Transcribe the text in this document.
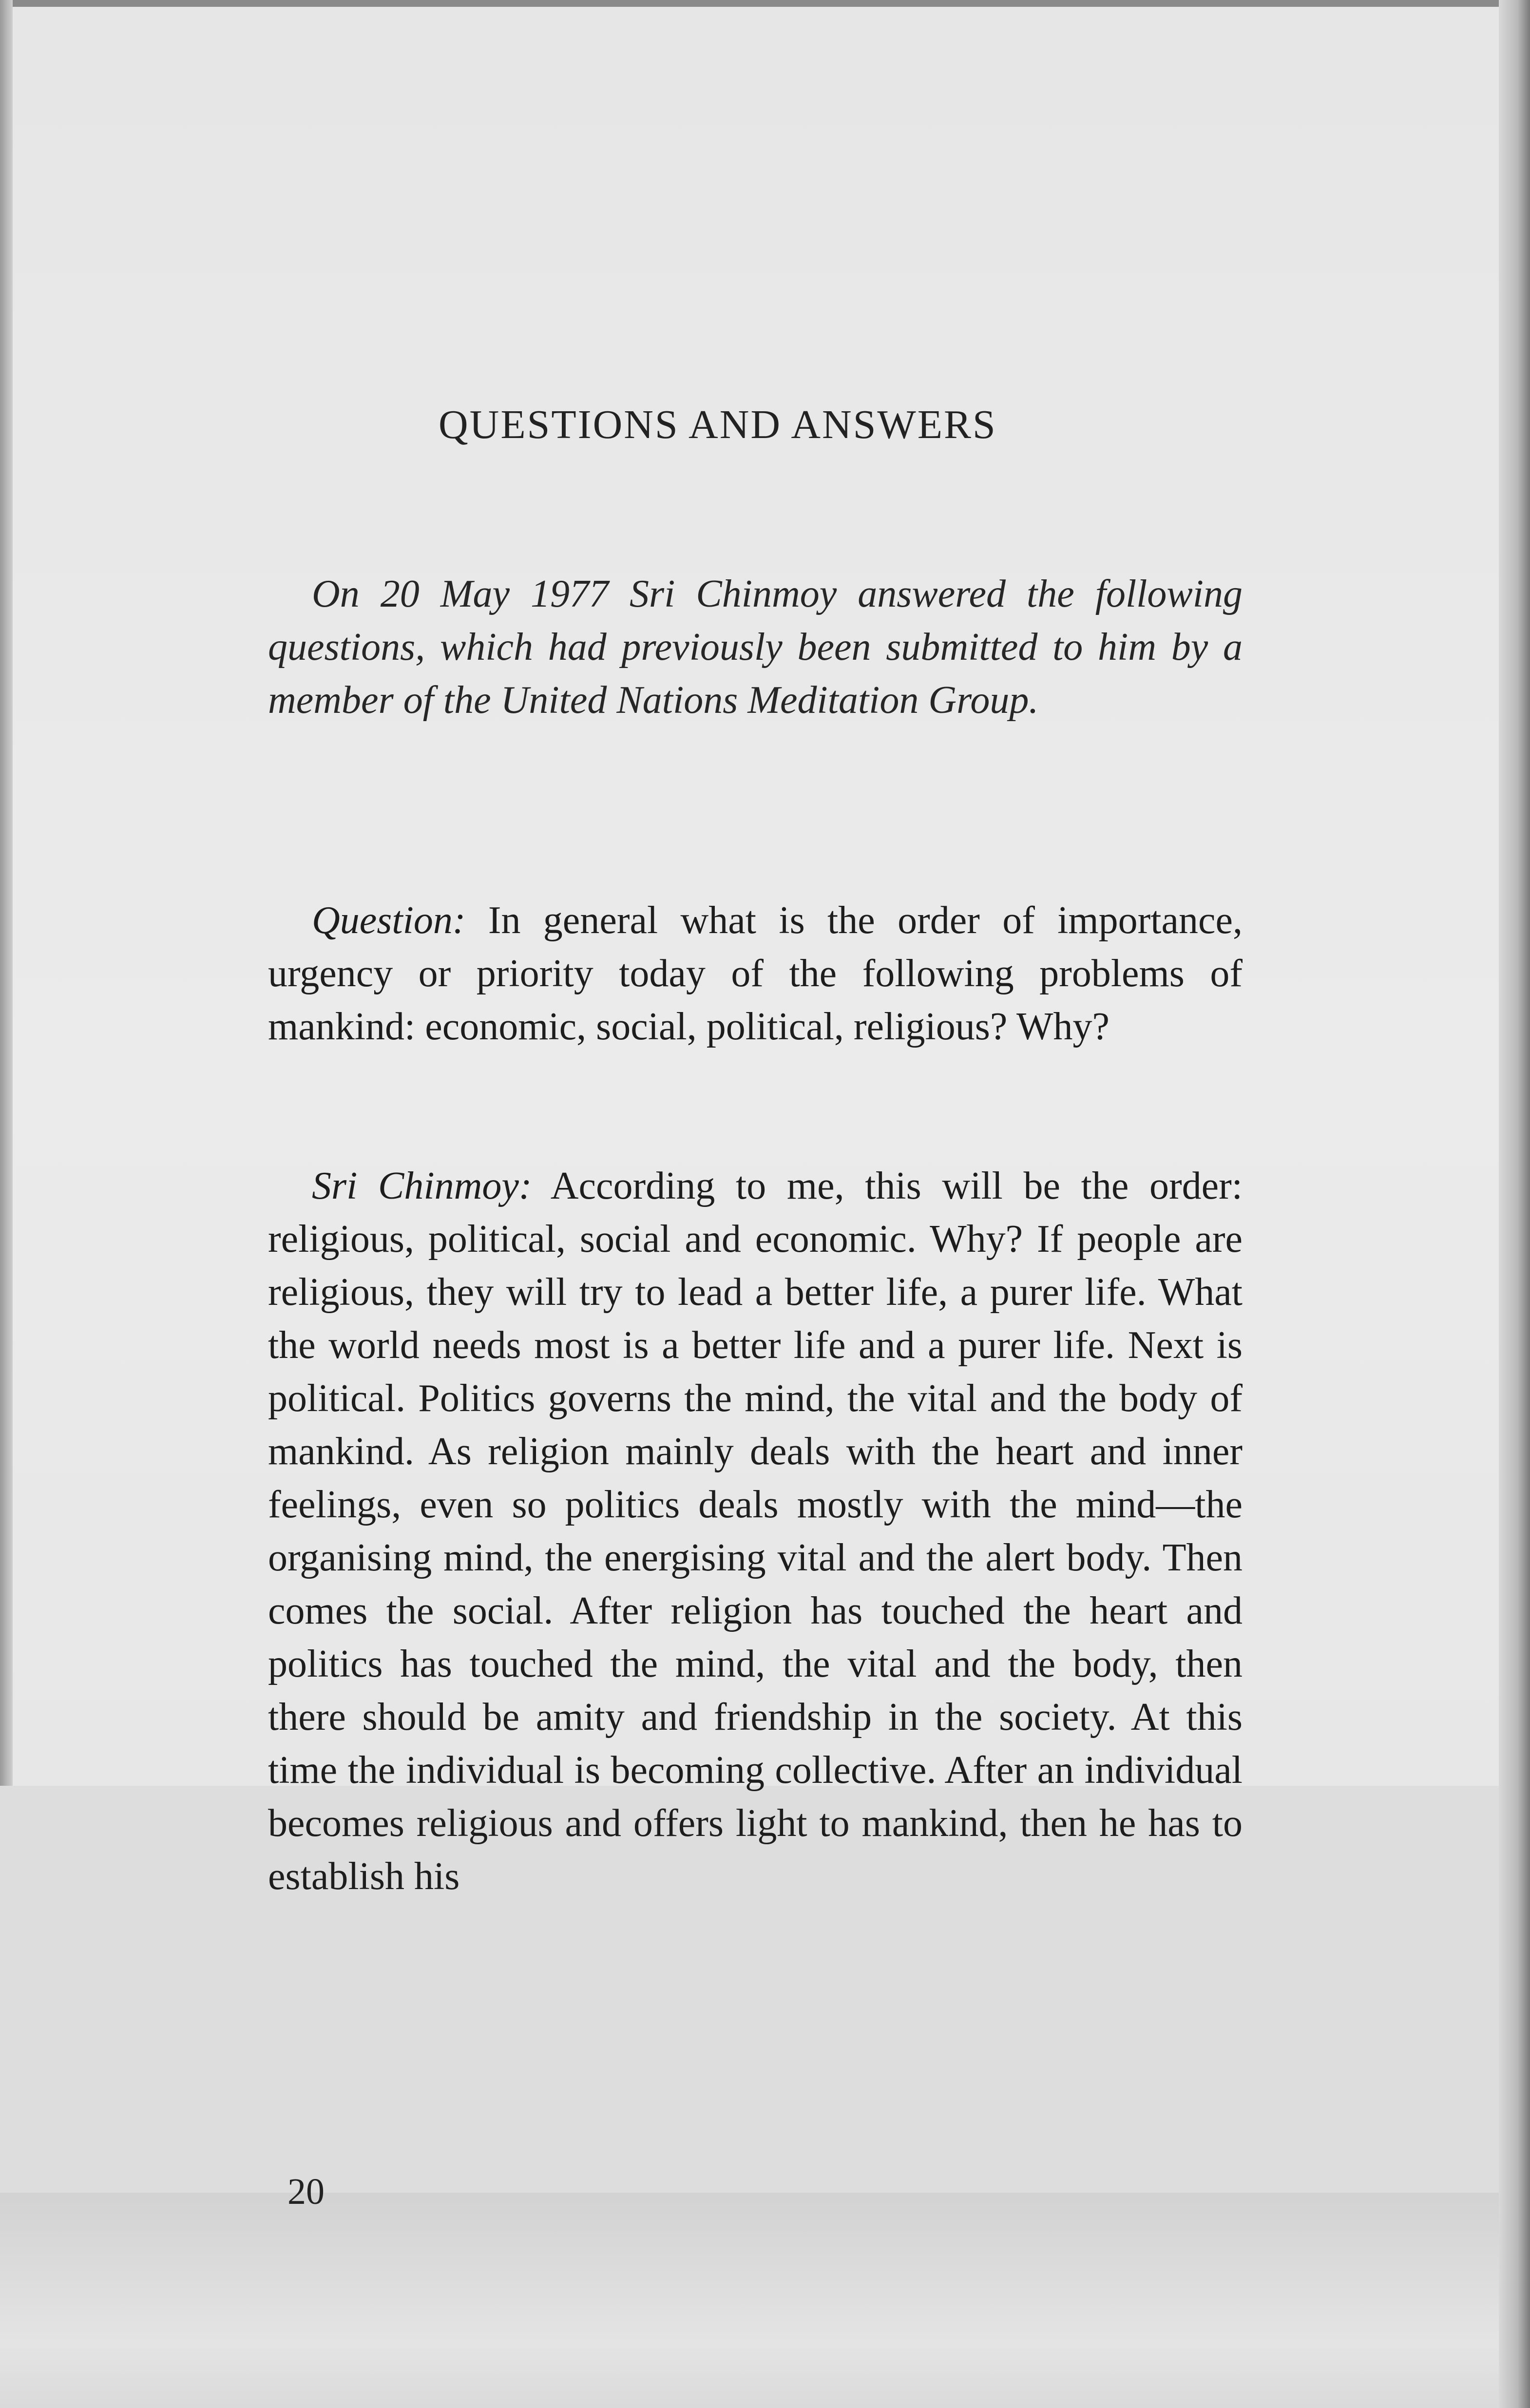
QUESTIONS AND ANSWERS

On 20 May 1977 Sri Chinmoy answered the following questions, which had previously been submitted to him by a member of the United Nations Meditation Group.

Question: In general what is the order of importance, urgency or priority today of the following problems of mankind: economic, social, political, religious? Why?

Sri Chinmoy: According to me, this will be the order: religious, political, social and economic. Why? If people are religious, they will try to lead a better life, a purer life. What the world needs most is a better life and a purer life. Next is political. Politics governs the mind, the vital and the body of mankind. As religion mainly deals with the heart and inner feelings, even so politics deals mostly with the mind—the organising mind, the energising vital and the alert body. Then comes the social. After religion has touched the heart and politics has touched the mind, the vital and the body, then there should be amity and friendship in the society. At this time the individual is becoming collective. After an individual becomes religious and offers light to mankind, then he has to establish his

20
